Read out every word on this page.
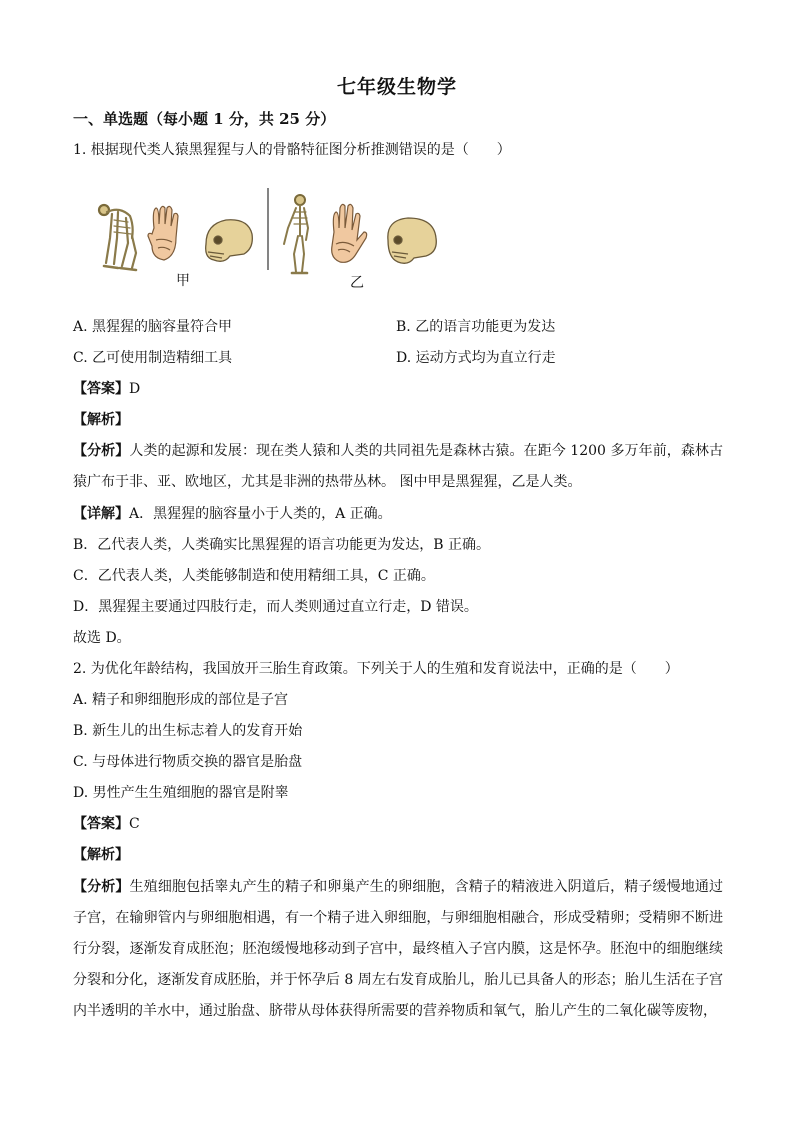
七年级生物学
一、单选题（每小题 1 分，共 25 分）
1. 根据现代类人猿黑猩猩与人的骨骼特征图分析推测错误的是（　　）
甲	乙
A. 黑猩猩的脑容量符合甲	B. 乙的语言功能更为发达
C. 乙可使用制造精细工具	D. 运动方式均为直立行走
【答案】D
【解析】
【分析】人类的起源和发展：现在类人猿和人类的共同祖先是森林古猿。在距今 1200 多万年前，森林古猿广布于非、亚、欧地区，尤其是非洲的热带丛林。 图中甲是黑猩猩，乙是人类。
【详解】A．黑猩猩的脑容量小于人类的，A 正确。
B．乙代表人类，人类确实比黑猩猩的语言功能更为发达，B 正确。
C．乙代表人类，人类能够制造和使用精细工具，C 正确。
D．黑猩猩主要通过四肢行走，而人类则通过直立行走，D 错误。
故选 D。
2. 为优化年龄结构，我国放开三胎生育政策。下列关于人的生殖和发育说法中，正确的是（　　）
A. 精子和卵细胞形成的部位是子宫
B. 新生儿的出生标志着人的发育开始
C. 与母体进行物质交换的器官是胎盘
D. 男性产生生殖细胞的器官是附睾
【答案】C
【解析】
【分析】生殖细胞包括睾丸产生的精子和卵巢产生的卵细胞，含精子的精液进入阴道后，精子缓慢地通过子宫，在输卵管内与卵细胞相遇，有一个精子进入卵细胞，与卵细胞相融合，形成受精卵；受精卵不断进行分裂，逐渐发育成胚泡；胚泡缓慢地移动到子宫中，最终植入子宫内膜，这是怀孕。胚泡中的细胞继续分裂和分化，逐渐发育成胚胎，并于怀孕后 8 周左右发育成胎儿，胎儿已具备人的形态；胎儿生活在子宫内半透明的羊水中，通过胎盘、脐带从母体获得所需要的营养物质和氧气，胎儿产生的二氧化碳等废物，
